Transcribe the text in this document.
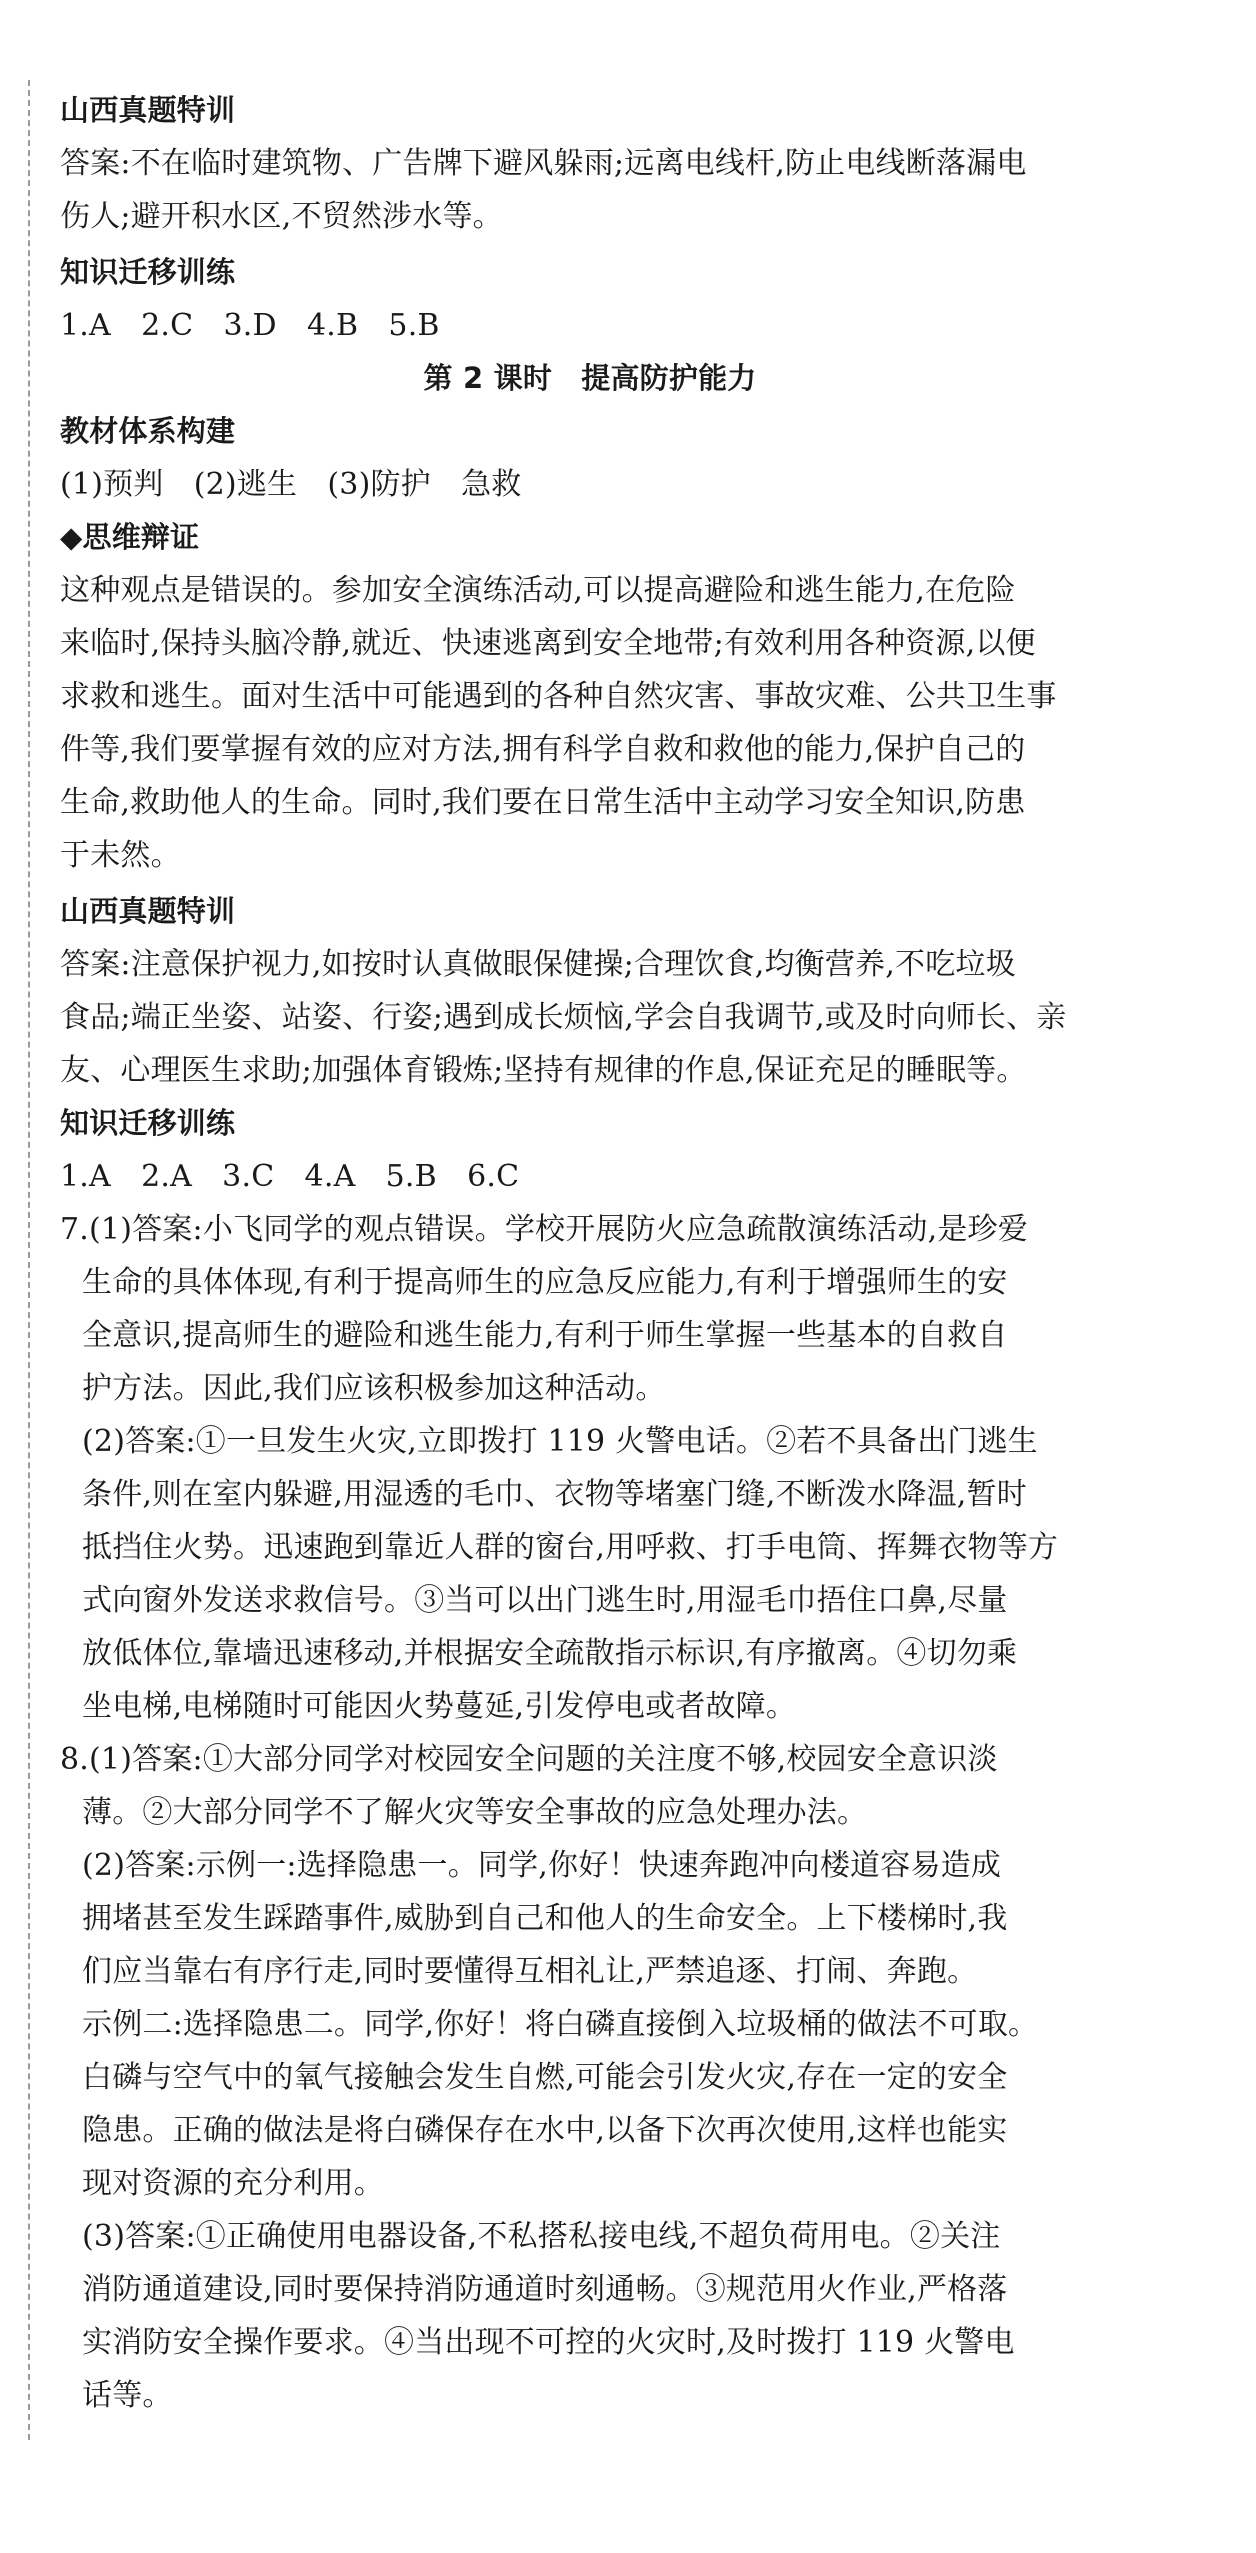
山西真题特训
答案:不在临时建筑物、广告牌下避风躲雨;远离电线杆,防止电线断落漏电
伤人;避开积水区,不贸然涉水等。
知识迁移训练
1.A　2.C　3.D　4.B　5.B
第 2 课时　提高防护能力
教材体系构建
(1)预判　(2)逃生　(3)防护　急救
◆思维辩证
这种观点是错误的。参加安全演练活动,可以提高避险和逃生能力,在危险
来临时,保持头脑冷静,就近、快速逃离到安全地带;有效利用各种资源,以便
求救和逃生。面对生活中可能遇到的各种自然灾害、事故灾难、公共卫生事
件等,我们要掌握有效的应对方法,拥有科学自救和救他的能力,保护自己的
生命,救助他人的生命。同时,我们要在日常生活中主动学习安全知识,防患
于未然。
山西真题特训
答案:注意保护视力,如按时认真做眼保健操;合理饮食,均衡营养,不吃垃圾
食品;端正坐姿、站姿、行姿;遇到成长烦恼,学会自我调节,或及时向师长、亲
友、心理医生求助;加强体育锻炼;坚持有规律的作息,保证充足的睡眠等。
知识迁移训练
1.A　2.A　3.C　4.A　5.B　6.C
7.(1)答案:小飞同学的观点错误。学校开展防火应急疏散演练活动,是珍爱
生命的具体体现,有利于提高师生的应急反应能力,有利于增强师生的安
全意识,提高师生的避险和逃生能力,有利于师生掌握一些基本的自救自
护方法。因此,我们应该积极参加这种活动。
(2)答案:①一旦发生火灾,立即拨打 119 火警电话。②若不具备出门逃生
条件,则在室内躲避,用湿透的毛巾、衣物等堵塞门缝,不断泼水降温,暂时
抵挡住火势。迅速跑到靠近人群的窗台,用呼救、打手电筒、挥舞衣物等方
式向窗外发送求救信号。③当可以出门逃生时,用湿毛巾捂住口鼻,尽量
放低体位,靠墙迅速移动,并根据安全疏散指示标识,有序撤离。④切勿乘
坐电梯,电梯随时可能因火势蔓延,引发停电或者故障。
8.(1)答案:①大部分同学对校园安全问题的关注度不够,校园安全意识淡
薄。②大部分同学不了解火灾等安全事故的应急处理办法。
(2)答案:示例一:选择隐患一。同学,你好！快速奔跑冲向楼道容易造成
拥堵甚至发生踩踏事件,威胁到自己和他人的生命安全。上下楼梯时,我
们应当靠右有序行走,同时要懂得互相礼让,严禁追逐、打闹、奔跑。
示例二:选择隐患二。同学,你好！将白磷直接倒入垃圾桶的做法不可取。
白磷与空气中的氧气接触会发生自燃,可能会引发火灾,存在一定的安全
隐患。正确的做法是将白磷保存在水中,以备下次再次使用,这样也能实
现对资源的充分利用。
(3)答案:①正确使用电器设备,不私搭私接电线,不超负荷用电。②关注
消防通道建设,同时要保持消防通道时刻通畅。③规范用火作业,严格落
实消防安全操作要求。④当出现不可控的火灾时,及时拨打 119 火警电
话等。
